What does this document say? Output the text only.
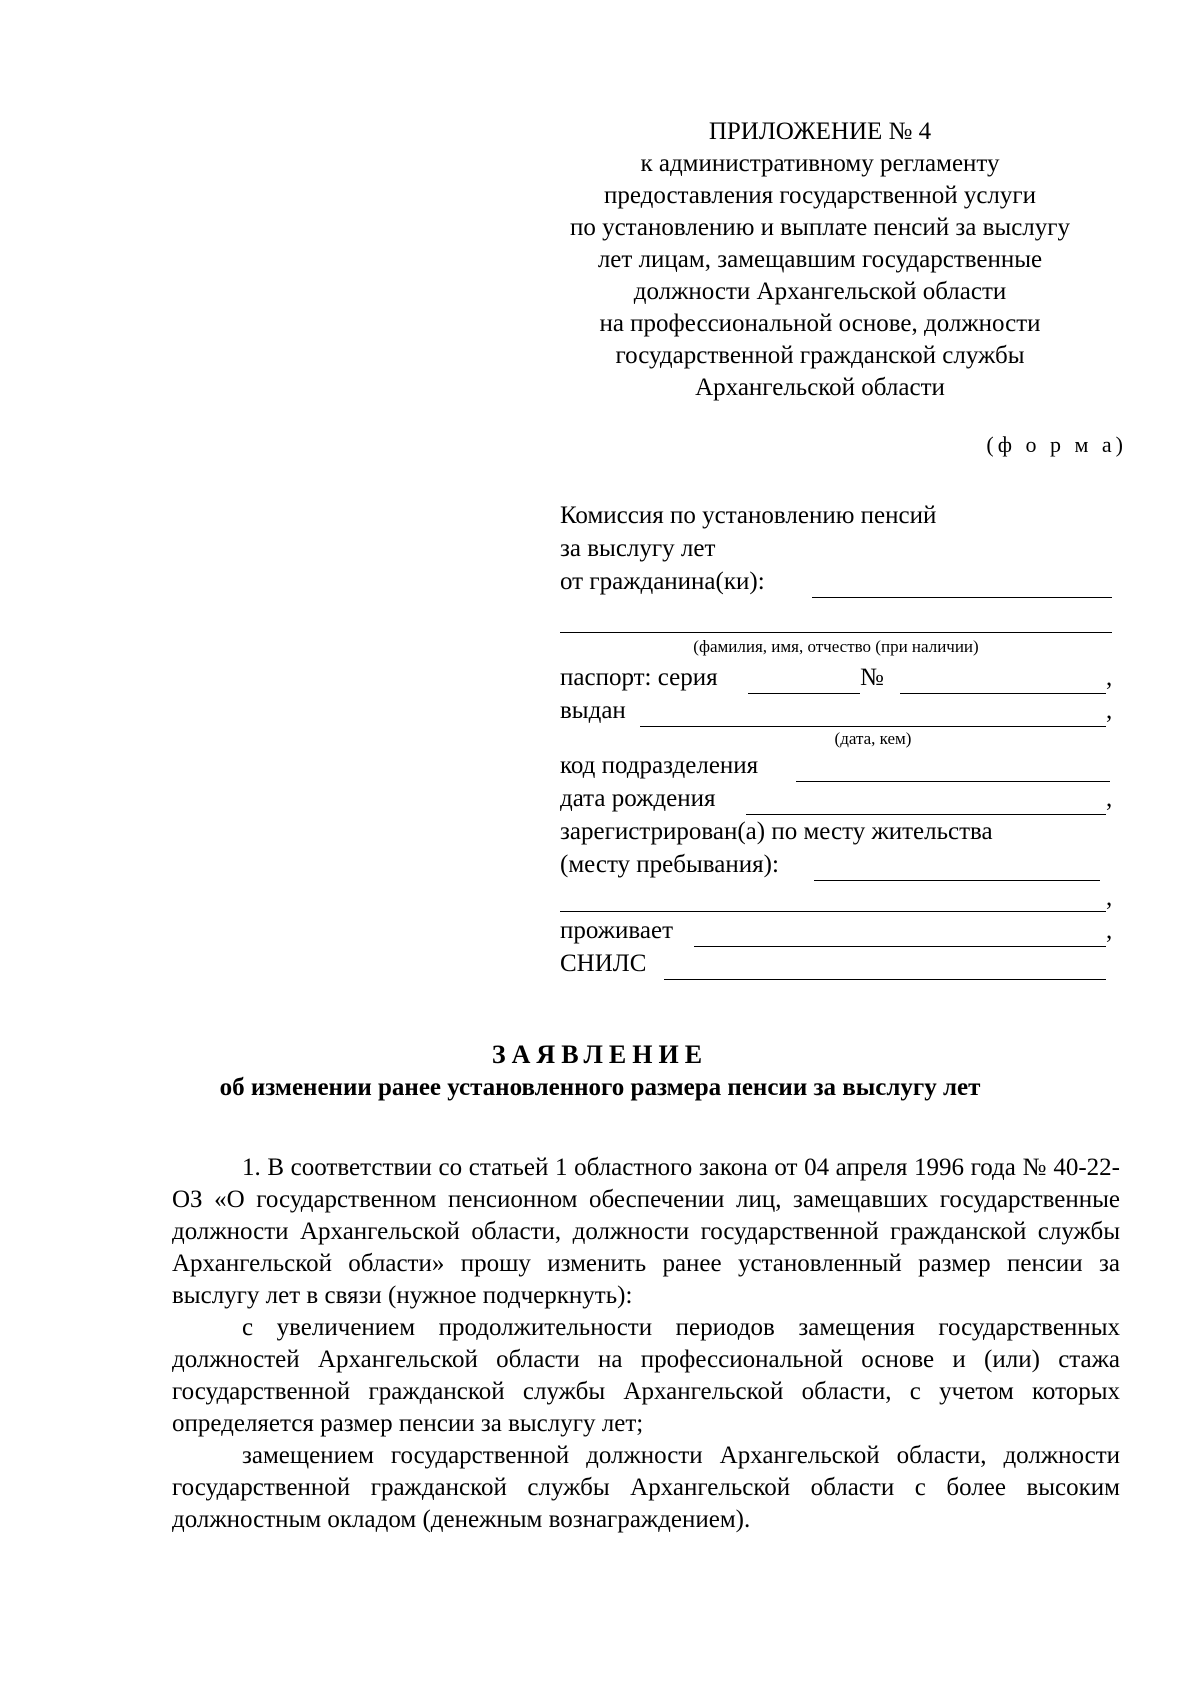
ПРИЛОЖЕНИЕ № 4
к административному регламенту
предоставления государственной услуги
по установлению и выплате пенсий за выслугу
лет лицам, замещавшим государственные
должности Архангельской области
на профессиональной основе, должности
государственной гражданской службы
Архангельской области
(ф о р м а)
Комиссия по установлению пенсий
за выслугу лет
от гражданина(ки):
(фамилия, имя, отчество (при наличии)
паспорт: серия	№	,
выдан	,
(дата, кем)
код подразделения
дата рождения	,
зарегистрирован(а) по месту жительства
(месту пребывания):
,
проживает	,
СНИЛС
ЗАЯВЛЕНИЕ
об изменении ранее установленного размера пенсии за выслугу лет

1. В соответствии со статьей 1 областного закона от 04 апреля 1996 года № 40-22-ОЗ «О государственном пенсионном обеспечении лиц, замещавших государственные должности Архангельской области, должности государственной гражданской службы Архангельской области» прошу изменить ранее установленный размер пенсии за выслугу лет в связи (нужное подчеркнуть):

с увеличением продолжительности периодов замещения государственных должностей Архангельской области на профессиональной основе и (или) стажа государственной гражданской службы Архангельской области, с учетом которых определяется размер пенсии за выслугу лет;

замещением государственной должности Архангельской области, должности государственной гражданской службы Архангельской области с более высоким должностным окладом (денежным вознаграждением).
